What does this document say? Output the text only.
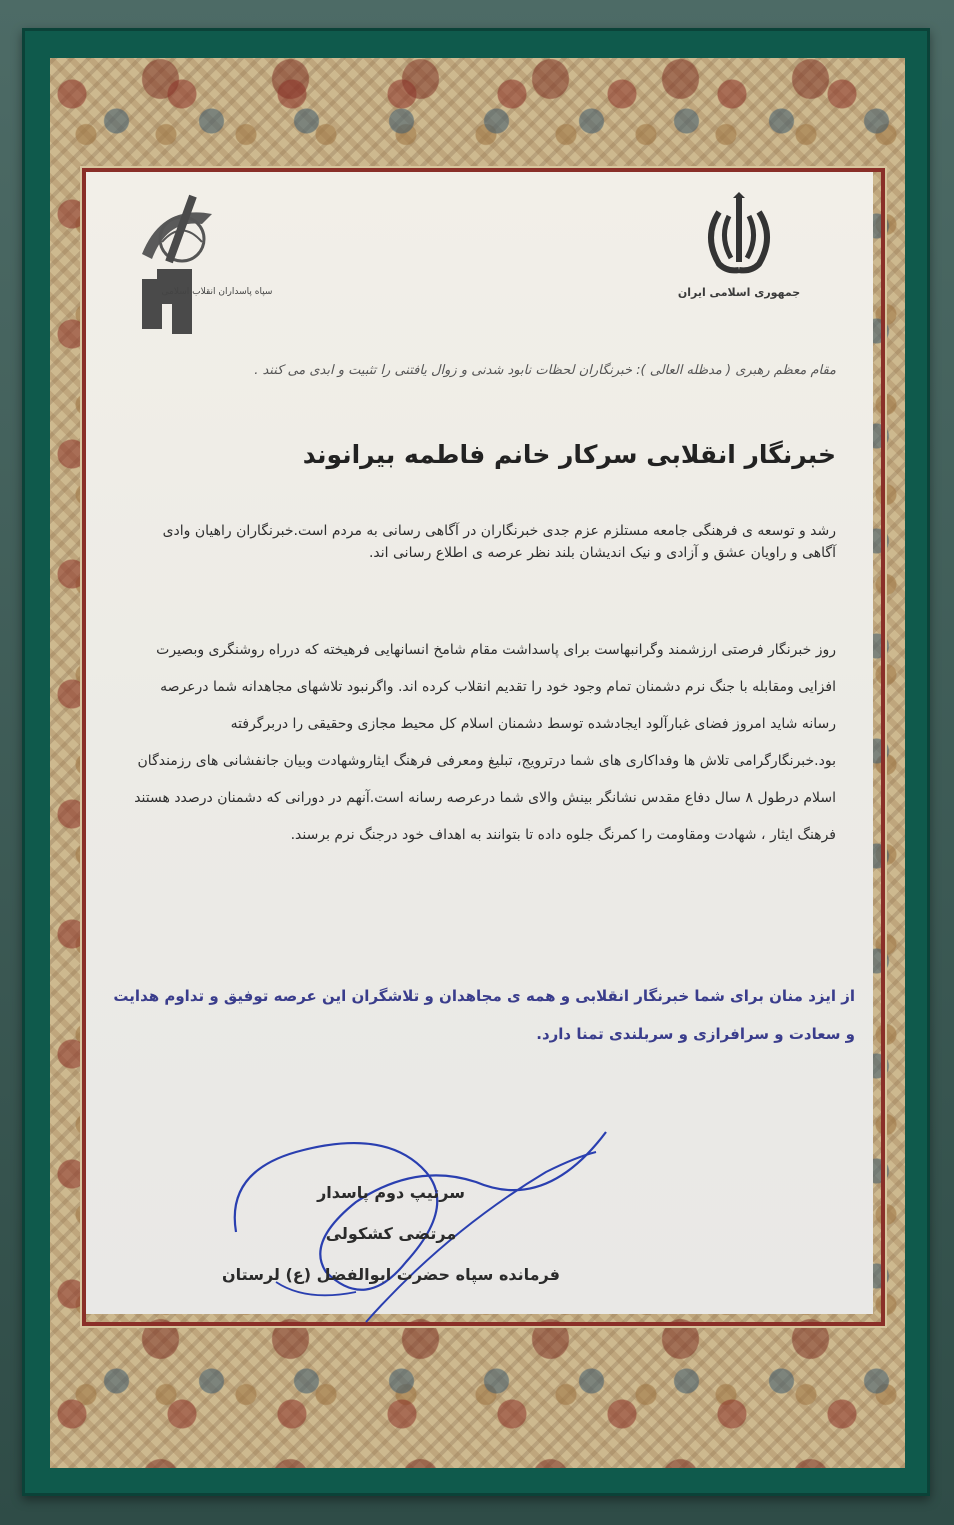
سپاه پاسداران انقلاب اسلامی	جمهوری اسلامی ایران
مقام معظم رهبری ( مدظله العالی ): خبرنگاران لحظات نابود شدنی و زوال یافتنی را تثبیت و ابدی می کنند .
خبرنگار انقلابی سرکار خانم فاطمه بیرانوند

رشد و توسعه ی فرهنگی جامعه مستلزم عزم جدی خبرنگاران در آگاهی رسانی به مردم است.خبرنگاران راهیان وادی آگاهی و راویان عشق و آزادی و نیک اندیشان بلند نظر عرصه ی اطلاع رسانی اند.

روز خبرنگار فرصتی ارزشمند وگرانبهاست برای پاسداشت مقام شامخ انسانهایی فرهیخته که درراه روشنگری وبصیرت افزایی ومقابله با جنگ نرم دشمنان تمام وجود خود را تقدیم انقلاب کرده اند. واگرنبود تلاشهای مجاهدانه شما درعرصه رسانه شاید امروز فضای غبارآلود ایجادشده توسط دشمنان اسلام کل محیط مجازی وحقیقی را دربرگرفته بود.خبرنگارگرامی تلاش ها وفداکاری های شما درترویج، تبلیغ ومعرفی فرهنگ ایثاروشهادت وبیان جانفشانی های رزمندگان اسلام درطول ۸ سال دفاع مقدس نشانگر بینش والای شما درعرصه رسانه است.آنهم در دورانی که دشمنان درصدد هستند فرهنگ ایثار ، شهادت ومقاومت را کمرنگ جلوه داده تا بتوانند به اهداف خود درجنگ نرم برسند.

از ایزد منان برای شما خبرنگار انقلابی و همه ی مجاهدان و تلاشگران این عرصه توفیق و تداوم هدایت و سعادت و سرافرازی و سربلندی تمنا دارد.
سرتیپ دوم پاسدار
مرتضی کشکولی
فرمانده سپاه حضرت ابوالفضل (ع) لرستان
